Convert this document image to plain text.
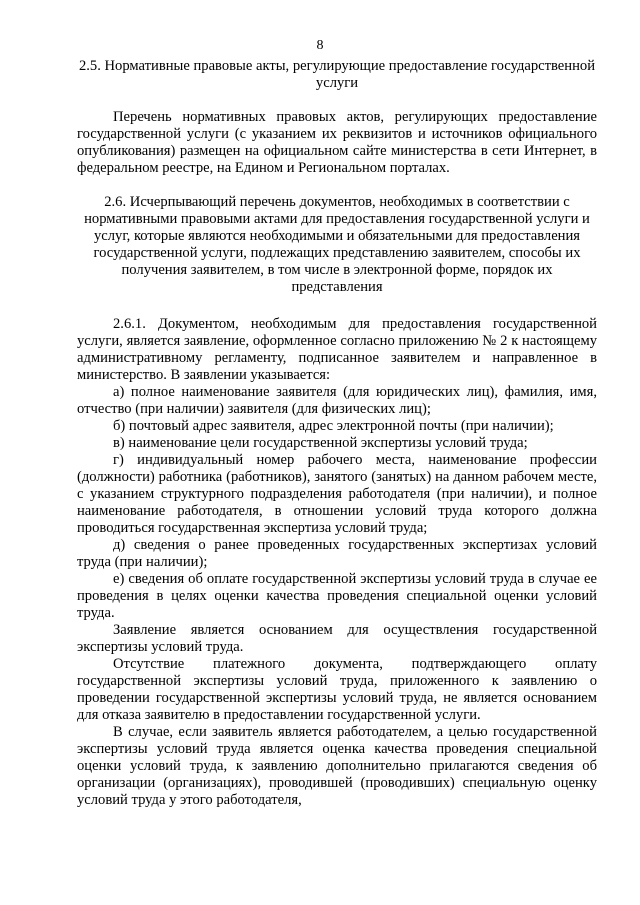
8

2.5. Нормативные правовые акты, регулирующие предоставление государственной услуги

Перечень нормативных правовых актов, регулирующих предоставление государственной услуги (с указанием их реквизитов и источников официального опубликования) размещен на официальном сайте министерства в сети Интернет, в федеральном реестре, на Едином и Региональном порталах.

2.6. Исчерпывающий перечень документов, необходимых в соответствии с нормативными правовыми актами для предоставления государственной услуги и услуг, которые являются необходимыми и обязательными для предоставления государственной услуги, подлежащих представлению заявителем, способы их получения заявителем, в том числе в электронной форме, порядок их представления

2.6.1. Документом, необходимым для предоставления государственной услуги, является заявление, оформленное согласно приложению № 2 к настоящему административному регламенту, подписанное заявителем и направленное в министерство. В заявлении указывается:

а) полное наименование заявителя (для юридических лиц), фамилия, имя, отчество (при наличии) заявителя (для физических лиц);

б) почтовый адрес заявителя, адрес электронной почты (при наличии);

в) наименование цели государственной экспертизы условий труда;

г) индивидуальный номер рабочего места, наименование профессии (должности) работника (работников), занятого (занятых) на данном рабочем месте, с указанием структурного подразделения работодателя (при наличии), и полное наименование работодателя, в отношении условий труда которого должна проводиться государственная экспертиза условий труда;

д) сведения о ранее проведенных государственных экспертизах условий труда (при наличии);

е) сведения об оплате государственной экспертизы условий труда в случае ее проведения в целях оценки качества проведения специальной оценки условий труда.

Заявление является основанием для осуществления государственной экспертизы условий труда.

Отсутствие платежного документа, подтверждающего оплату государственной экспертизы условий труда, приложенного к заявлению о проведении государственной экспертизы условий труда, не является основанием для отказа заявителю в предоставлении государственной услуги.

В случае, если заявитель является работодателем, а целью государственной экспертизы условий труда является оценка качества проведения специальной оценки условий труда, к заявлению дополнительно прилагаются сведения об организации (организациях), проводившей (проводивших) специальную оценку условий труда у этого работодателя,
